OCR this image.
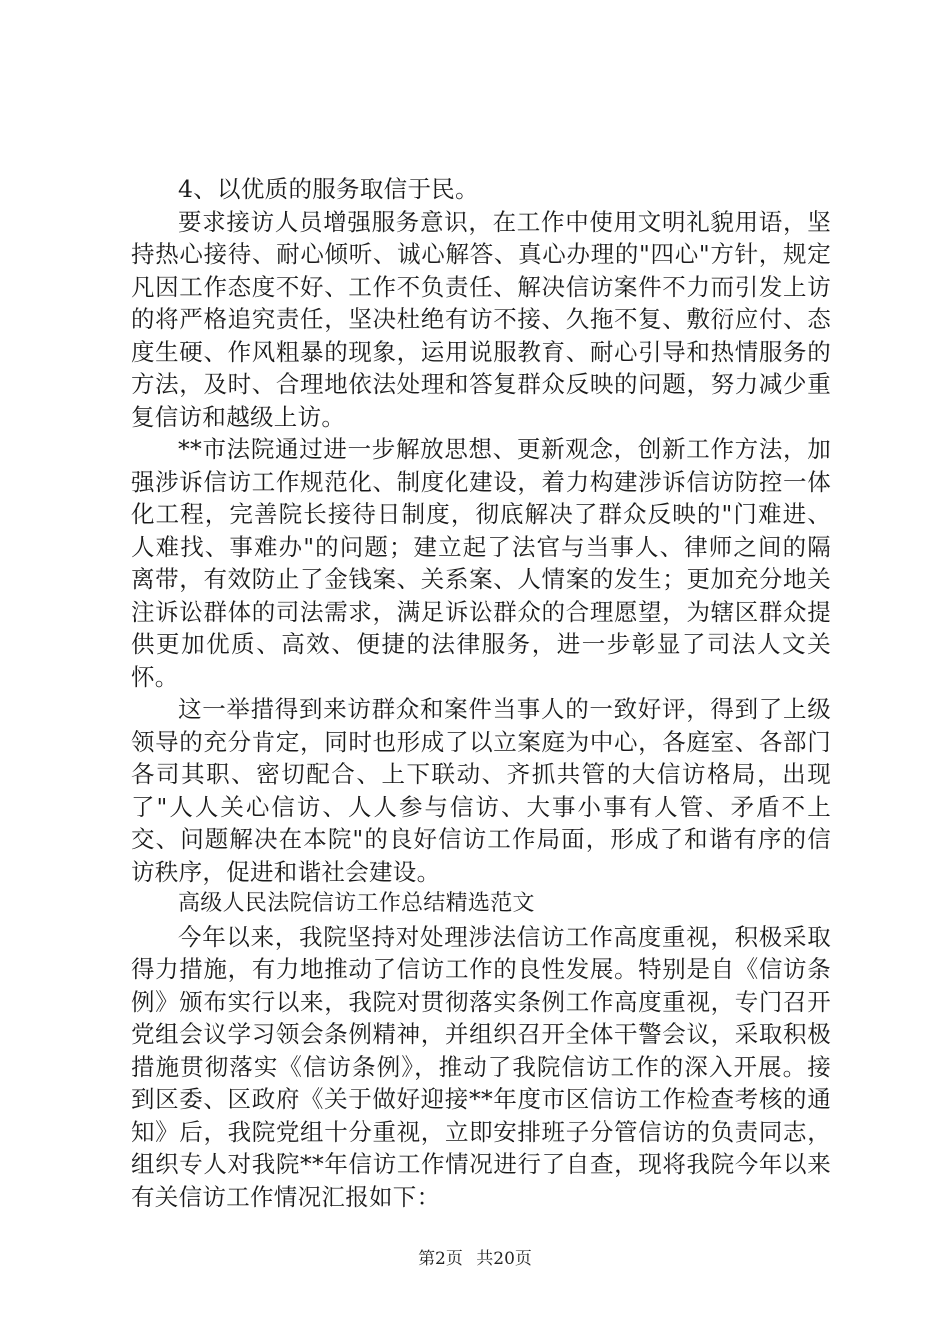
4、以优质的服务取信于民。

要求接访人员增强服务意识，在工作中使用文明礼貌用语，坚持热心接待、耐心倾听、诚心解答、真心办理的"四心"方针，规定凡因工作态度不好、工作不负责任、解决信访案件不力而引发上访的将严格追究责任，坚决杜绝有访不接、久拖不复、敷衍应付、态度生硬、作风粗暴的现象，运用说服教育、耐心引导和热情服务的方法，及时、合理地依法处理和答复群众反映的问题，努力减少重复信访和越级上访。

**市法院通过进一步解放思想、更新观念，创新工作方法，加强涉诉信访工作规范化、制度化建设，着力构建涉诉信访防控一体化工程，完善院长接待日制度，彻底解决了群众反映的"门难进、人难找、事难办"的问题；建立起了法官与当事人、律师之间的隔离带，有效防止了金钱案、关系案、人情案的发生；更加充分地关注诉讼群体的司法需求，满足诉讼群众的合理愿望，为辖区群众提供更加优质、高效、便捷的法律服务，进一步彰显了司法人文关怀。

这一举措得到来访群众和案件当事人的一致好评，得到了上级领导的充分肯定，同时也形成了以立案庭为中心，各庭室、各部门各司其职、密切配合、上下联动、齐抓共管的大信访格局，出现了"人人关心信访、人人参与信访、大事小事有人管、矛盾不上交、问题解决在本院"的良好信访工作局面，形成了和谐有序的信访秩序，促进和谐社会建设。

高级人民法院信访工作总结精选范文

今年以来，我院坚持对处理涉法信访工作高度重视，积极采取得力措施，有力地推动了信访工作的良性发展。特别是自《信访条例》颁布实行以来，我院对贯彻落实条例工作高度重视，专门召开党组会议学习领会条例精神，并组织召开全体干警会议，采取积极措施贯彻落实《信访条例》，推动了我院信访工作的深入开展。接到区委、区政府《关于做好迎接**年度市区信访工作检查考核的通知》后，我院党组十分重视，立即安排班子分管信访的负责同志，组织专人对我院**年信访工作情况进行了自查，现将我院今年以来有关信访工作情况汇报如下：

第2页 共20页
